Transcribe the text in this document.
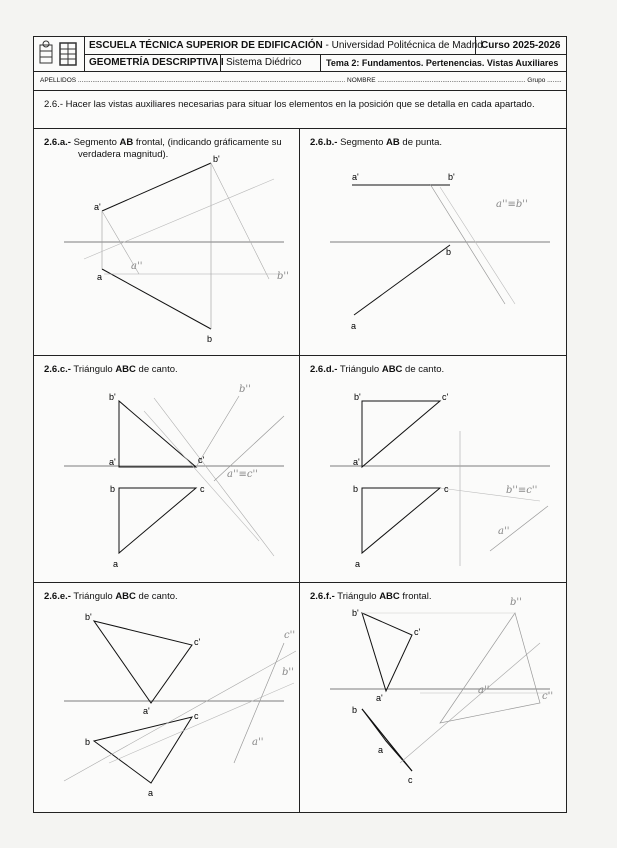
ESCUELA TÉCNICA SUPERIOR DE EDIFICACIÓN - Universidad Politécnica de Madrid
Curso 2025-2026
GEOMETRÍA DESCRIPTIVA I Sistema Diédrico	Tema 2: Fundamentos. Pertenencias. Vistas Auxiliares
APELLIDOS .................................................................................................................................................... NOMBRE .................................................................................. Grupo ........
2.6.- Hacer las vistas auxiliares necesarias para situar los elementos en la posición que se detalla en cada apartado.
2.6.a.- Segmento AB frontal, (indicando gráficamente su
verdadera magnitud).
a'
a
b'
b
a''
b''
2.6.b.- Segmento AB de punta.
a'	b'
a
b
a''≡b''
2.6.c.- Triángulo ABC de canto.
b'
a'	c'
b	c
a
b''
a''≡c''
2.6.d.- Triángulo ABC de canto.
b'	c'
a'
b	c
a
a''
b''≡c''
2.6.e.- Triángulo ABC de canto.
b'
c'
a'
b
c
a
c''
b''
a''
2.6.f.- Triángulo ABC frontal.
b'
c'
a'
b
a
c
b''
a''
c''
